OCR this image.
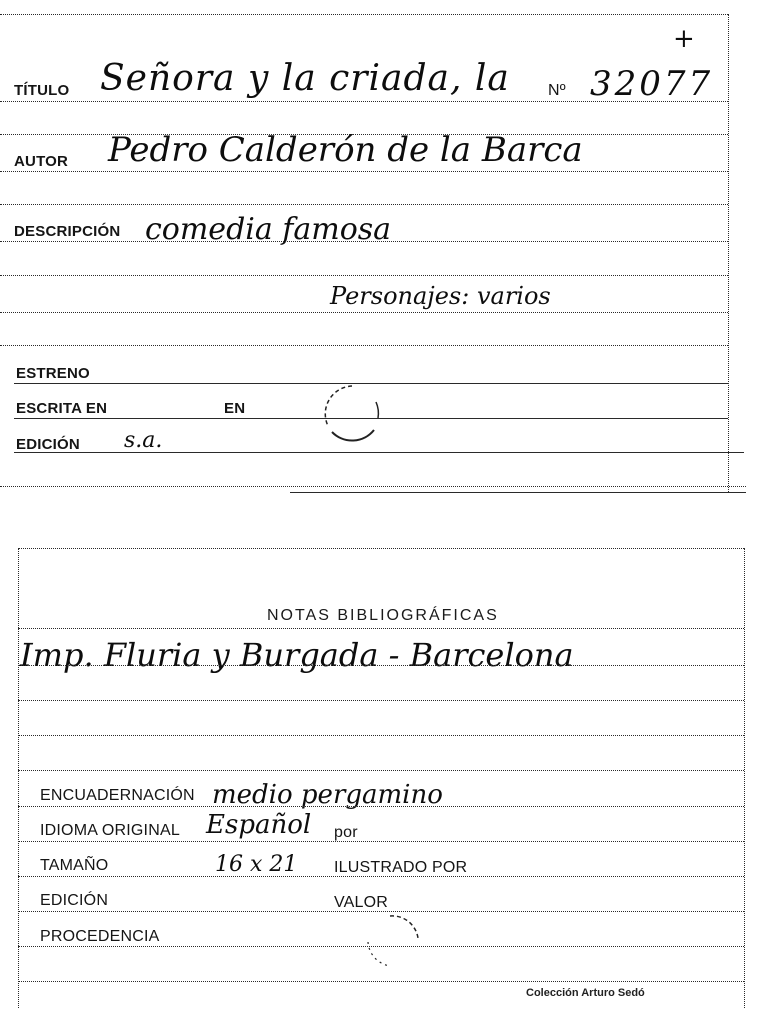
+
TÍTULO Señora y la criada, la Nº 32077
AUTOR Pedro Calderón de la Barca
DESCRIPCIÓN comedia famosa
Personajes: varios
ESTRENO
ESCRITA EN	EN
EDICIÓN s.a.
NOTAS BIBLIOGRÁFICAS
Imp. Fluria y Burgada - Barcelona
ENCUADERNACIÓN medio pergamino
IDIOMA ORIGINAL Español por
TAMAÑO	16 x 21 ILUSTRADO POR
EDICIÓN	VALOR
PROCEDENCIA
Colección Arturo Sedó
